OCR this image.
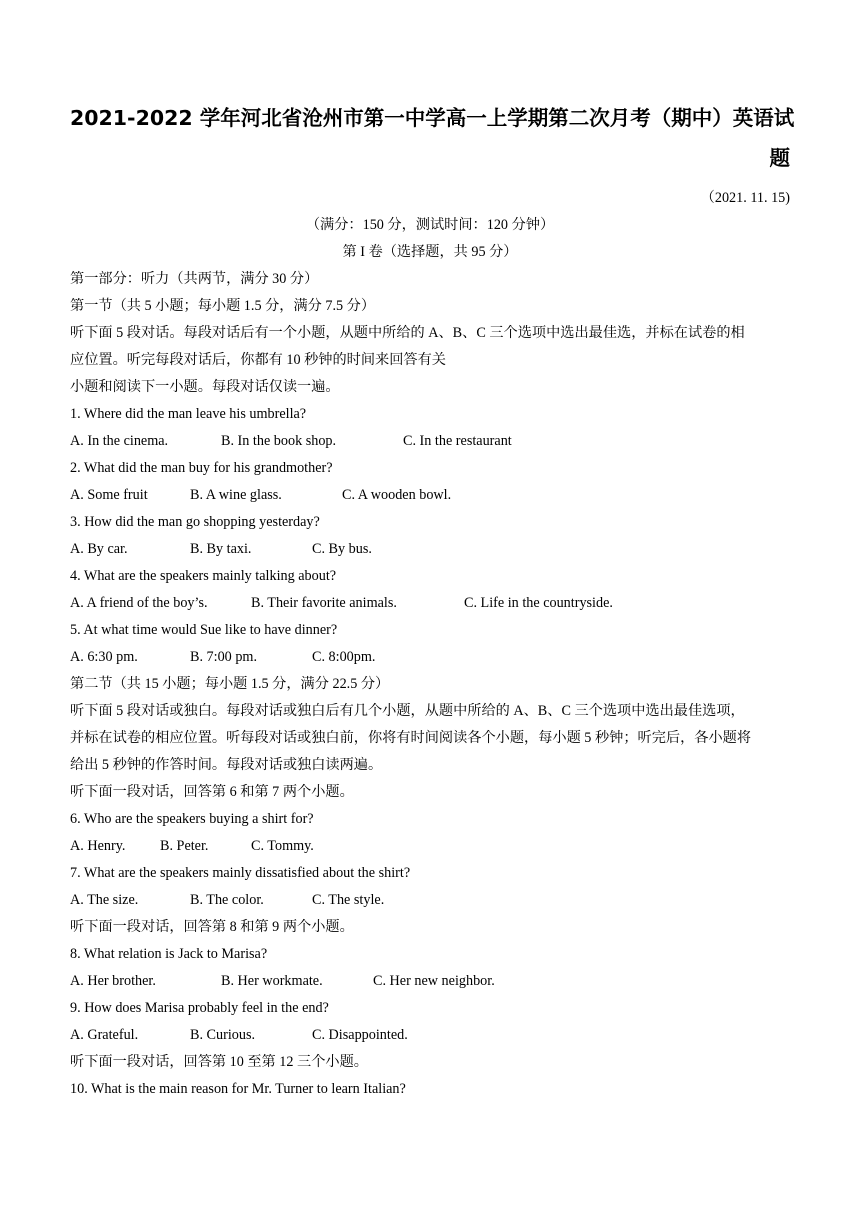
2021-2022 学年河北省沧州市第一中学高一上学期第二次月考（期中）英语试
题
（2021. 11. 15)
（满分：150 分，测试时间：120 分钟）
第 I 卷（选择题，共 95 分）
第一部分：听力（共两节，满分 30 分）
第一节（共 5 小题；每小题 1.5 分，满分 7.5 分）
听下面 5 段对话。每段对话后有一个小题，从题中所给的 A、B、C 三个选项中选出最佳选，并标在试卷的相
应位置。听完每段对话后，你都有 10 秒钟的时间来回答有关
小题和阅读下一小题。每段对话仅读一遍。
1. Where did the man leave his umbrella?
A. In the cinema.	B. In the book shop.	C. In the restaurant
2. What did the man buy for his grandmother?
A. Some fruit	B. A wine glass.	C. A wooden bowl.
3. How did the man go shopping yesterday?
A. By car.	B. By taxi.	C. By bus.
4. What are the speakers mainly talking about?
A. A friend of the boy’s.	B. Their favorite animals.	C. Life in the countryside.
5. At what time would Sue like to have dinner?
A. 6:30 pm.	B. 7:00 pm.	C. 8:00pm.
第二节（共 15 小题；每小题 1.5 分，满分 22.5 分）
听下面 5 段对话或独白。每段对话或独白后有几个小题，从题中所给的 A、B、C 三个选项中选出最佳选项，
并标在试卷的相应位置。听每段对话或独白前，你将有时间阅读各个小题，每小题 5 秒钟；听完后，各小题将
给出 5 秒钟的作答时间。每段对话或独白读两遍。
听下面一段对话，回答第 6 和第 7 两个小题。
6. Who are the speakers buying a shirt for?
A. Henry. B. Peter.	C. Tommy.
7. What are the speakers mainly dissatisfied about the shirt?
A. The size.	B. The color.	C. The style.
听下面一段对话，回答第 8 和第 9 两个小题。
8. What relation is Jack to Marisa?
A. Her brother.	B. Her workmate.	C. Her new neighbor.
9. How does Marisa probably feel in the end?
A. Grateful.	B. Curious.	C. Disappointed.
听下面一段对话，回答第 10 至第 12 三个小题。
10. What is the main reason for Mr. Turner to learn Italian?
